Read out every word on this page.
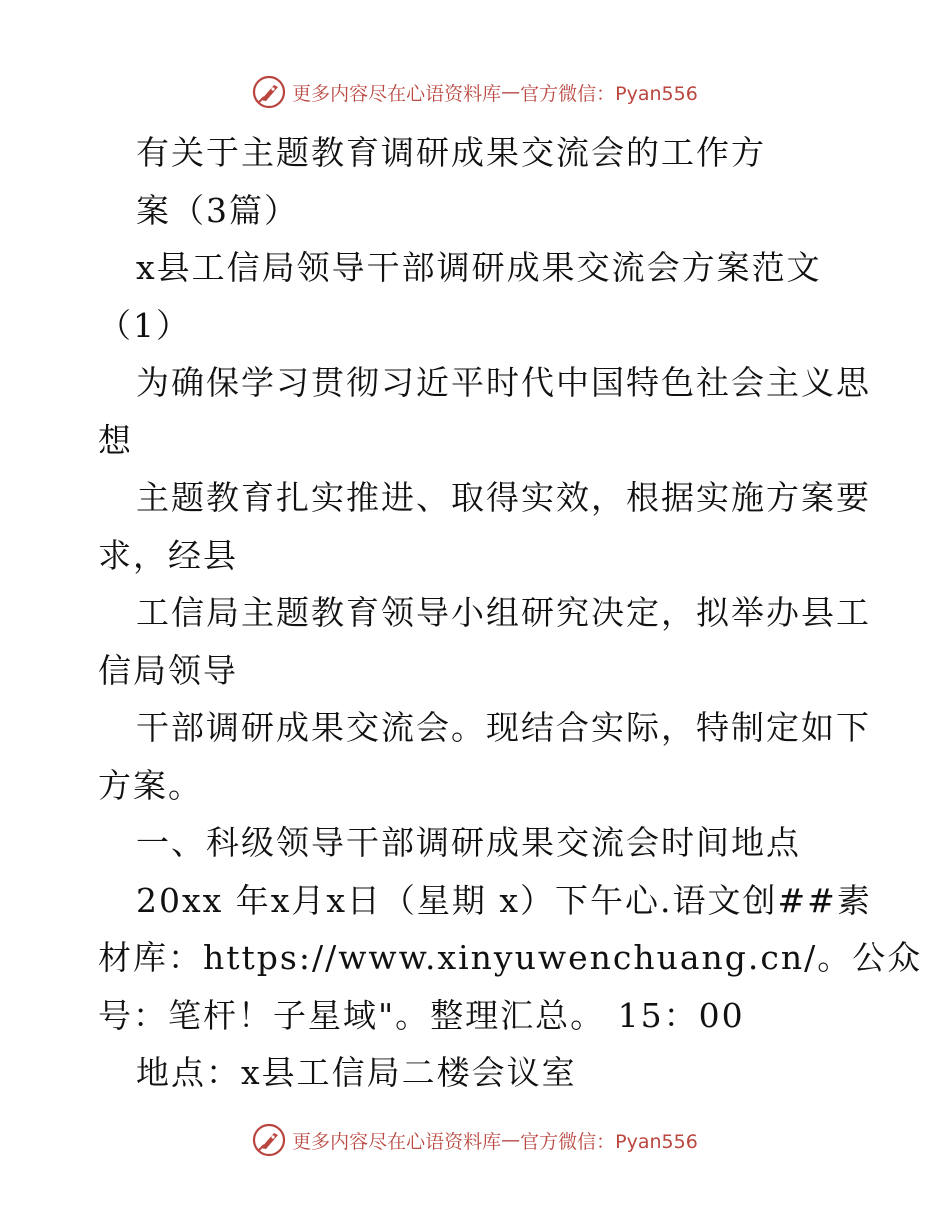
更多内容尽在心语资料库 — 官方微信：Pyan556
有关于主题教育调研成果交流会的工作方
案（3篇）
x县工信局领导干部调研成果交流会方案范文
（1）
为确保学习贯彻习近平时代中国特色社会主义思
想
主题教育扎实推进、取得实效，根据实施方案要
求，经县
工信局主题教育领导小组研究决定，拟举办县工
信局领导
干部调研成果交流会。现结合实际，特制定如下
方案。
一、科级领导干部调研成果交流会时间地点
20xx 年x月x日（星期 x）下午心.语文创##素
材库：https://www.xinyuwenchuang.cn/。公众
号：笔杆！子星域"。整理汇总。 15：00
地点：x县工信局二楼会议室
更多内容尽在心语资料库 — 官方微信：Pyan556
